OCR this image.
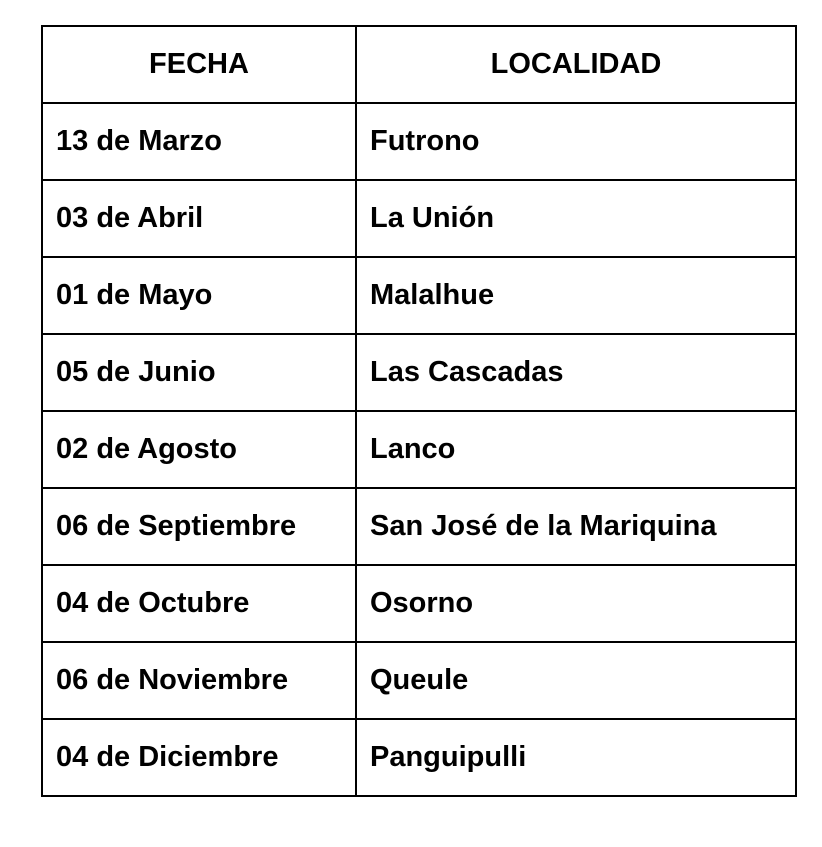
FECHA	LOCALIDAD
13 de Marzo	Futrono
03 de Abril	La Unión
01 de Mayo	Malalhue
05 de Junio	Las Cascadas
02 de Agosto	Lanco
06 de Septiembre	San José de la Mariquina
04 de Octubre	Osorno
06 de Noviembre	Queule
04 de Diciembre	Panguipulli
